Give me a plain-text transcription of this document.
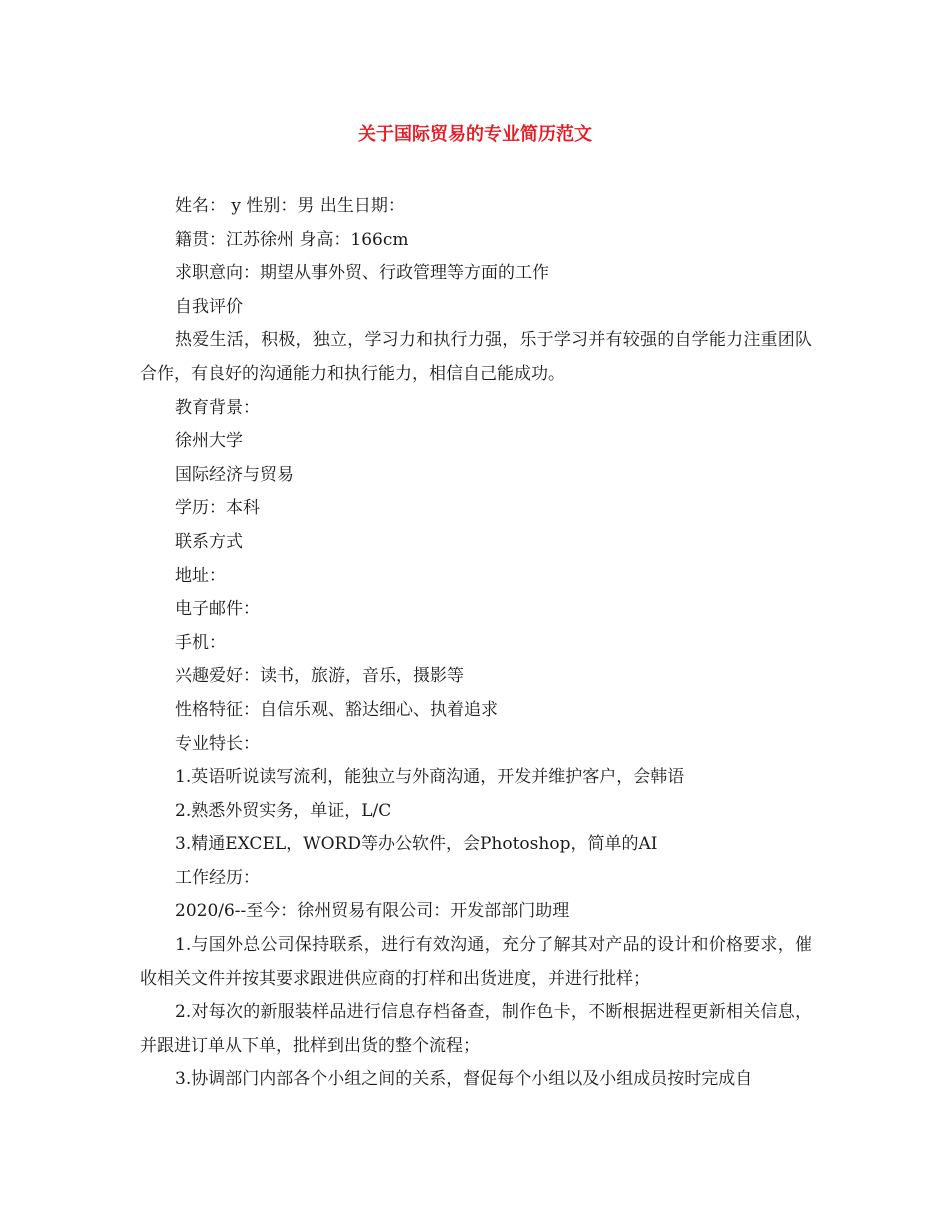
关于国际贸易的专业简历范文

姓名： y 性别：男 出生日期：

籍贯：江苏徐州 身高：166cm

求职意向：期望从事外贸、行政管理等方面的工作

自我评价

热爱生活，积极，独立，学习力和执行力强，乐于学习并有较强的自学能力注重团队合作，有良好的沟通能力和执行能力，相信自己能成功。

教育背景：

徐州大学

国际经济与贸易

学历：本科

联系方式

地址：

电子邮件：

手机：

兴趣爱好：读书，旅游，音乐，摄影等

性格特征：自信乐观、豁达细心、执着追求

专业特长：

1.英语听说读写流利，能独立与外商沟通，开发并维护客户，会韩语

2.熟悉外贸实务，单证，L/C

3.精通EXCEL，WORD等办公软件，会Photoshop，简单的AI

工作经历：

2020/6--至今：徐州贸易有限公司：开发部部门助理

1.与国外总公司保持联系，进行有效沟通，充分了解其对产品的设计和价格要求，催收相关文件并按其要求跟进供应商的打样和出货进度，并进行批样；

2.对每次的新服装样品进行信息存档备查，制作色卡，不断根据进程更新相关信息，并跟进订单从下单，批样到出货的整个流程；

3.协调部门内部各个小组之间的关系，督促每个小组以及小组成员按时完成自
